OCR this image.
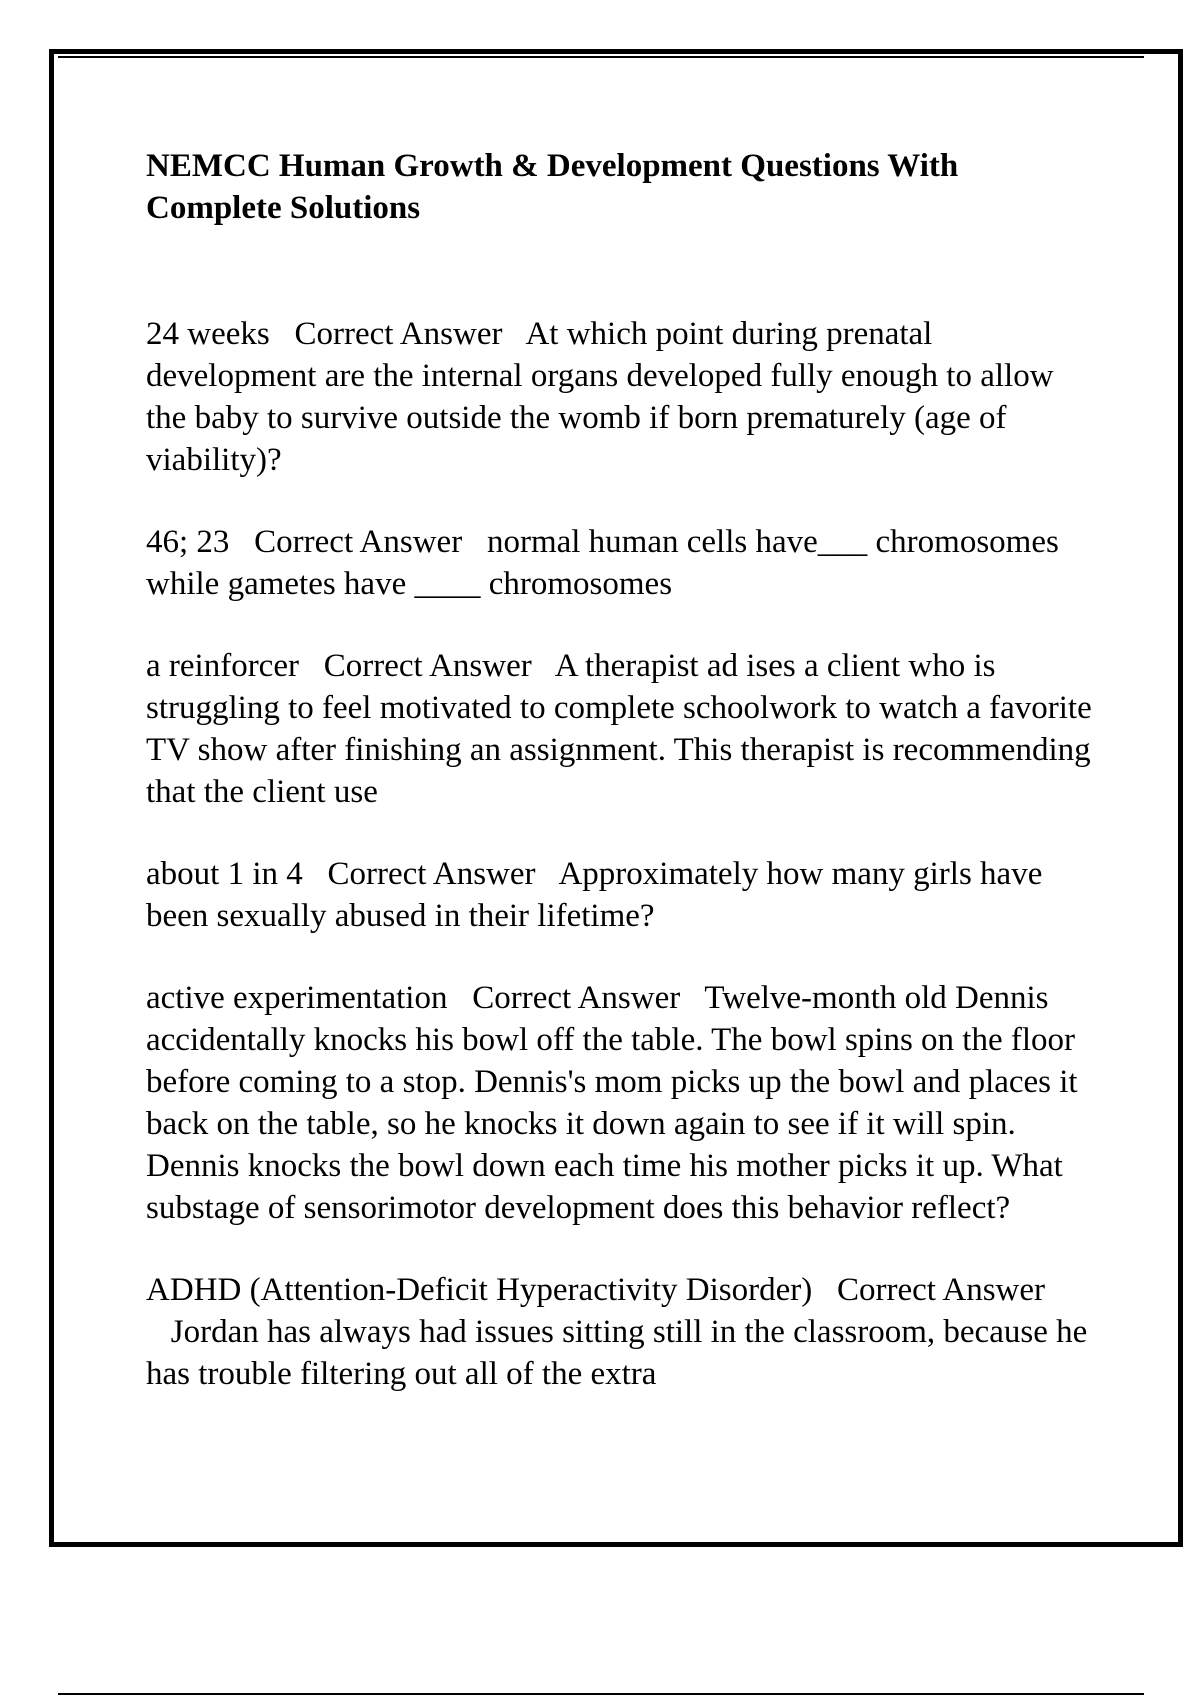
NEMCC Human Growth & Development Questions With Complete Solutions
24 weeks Correct Answer At which point during prenatal development are the internal organs developed fully enough to allow the baby to survive outside the womb if born prematurely (age of viability)?
46; 23 Correct Answer normal human cells have___ chromosomes while gametes have ____ chromosomes
a reinforcer Correct Answer A therapist ad ises a client who is struggling to feel motivated to complete schoolwork to watch a favorite TV show after finishing an assignment. This therapist is recommending that the client use
about 1 in 4 Correct Answer Approximately how many girls have been sexually abused in their lifetime?
active experimentation Correct Answer Twelve-month old Dennis accidentally knocks his bowl off the table. The bowl spins on the floor before coming to a stop. Dennis's mom picks up the bowl and places it back on the table, so he knocks it down again to see if it will spin. Dennis knocks the bowl down each time his mother picks it up. What substage of sensorimotor development does this behavior reflect?
ADHD (Attention-Deficit Hyperactivity Disorder) Correct Answer   Jordan has always had issues sitting still in the classroom, because he has trouble filtering out all of the extra
